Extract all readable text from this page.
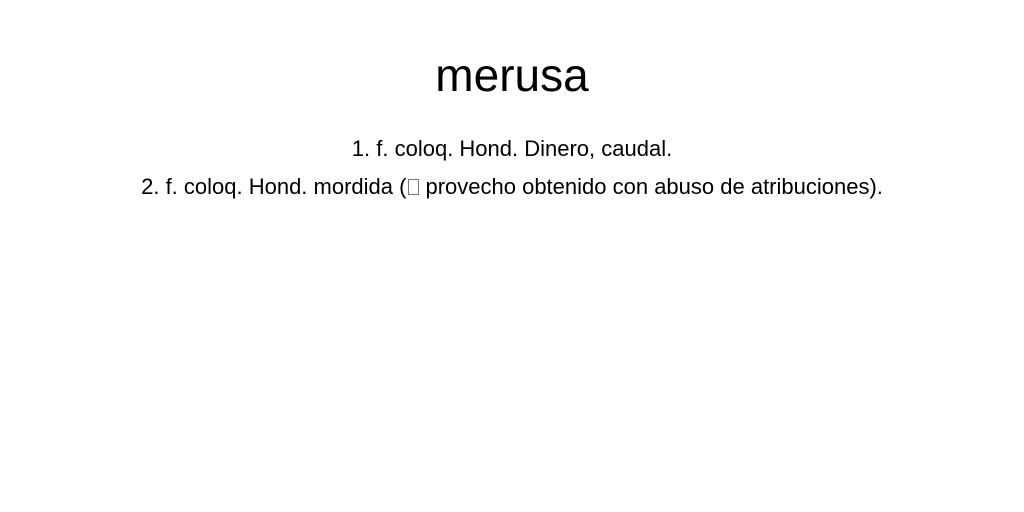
merusa
1. f. coloq. Hond. Dinero, caudal.
2. f. coloq. Hond. mordida ( provecho obtenido con abuso de atribuciones).
